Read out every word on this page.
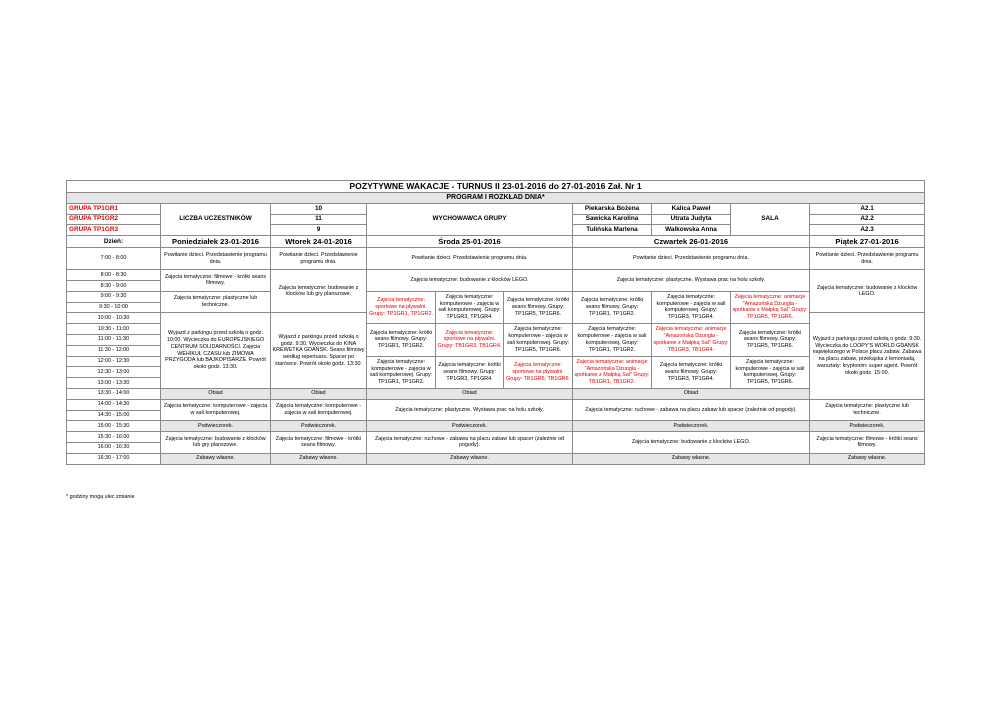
POZYTYWNE WAKACJE - TURNUS II 23-01-2016 do 27-01-2016 Zał. Nr 1									
PROGRAM I ROZKŁAD DNIA*									
GRUPA TP1GR1	LICZBA UCZESTNIKÓW	10	WYCHOWAWCA GRUPY			Piekarska Bożena	Kalica Paweł	SALA	A2.1
GRUPA TP1GR2		11				Sawicka Karolina	Utrata Judyta		A2.2
GRUPA TP1GR3		9				Tulińska Marlena	Walkowska Anna		A2.3
Dzień:	Poniedziałek 23-01-2016	Wtorek 24-01-2016	Środa 25-01-2016			Czwartek 26-01-2016			Piątek 27-01-2016
7:00 - 8:00	Powitanie dzieci. Przedstawienie programu dnia.	Powitanie dzieci. Przedstawienie programu dnia.	Powitanie dzieci. Przedstawienie programu dnia.			Powitanie dzieci. Przedstawienie programu dnia.			Powitanie dzieci. Przedstawienie programu dnia.
8:00 - 8:30	Zajęcia tematyczne: filmowe - krótki seans filmowy.	Zajęcia tematyczne: budowanie z klocków lub gry planszowe.	Zajęcia tematyczne: budowanie z klocków LEGO.			Zajęcia tematyczne: plastyczne. Wystawa prac na holu szkoły.			Zajęcia tematyczne: budowanie z klocków LEGO.
8:30 - 9:00									
9:00 - 9:30	Zajęcia tematyczne: plastyczne lub techniczne.		Zajęcia tematyczne: sportowe na pływalni. Grupy: TP1GR1, TP1GR2.	Zajęcia tematyczne: komputerowe - zajęcia w sali komputerowej. Grupy: TP1GR3, TP1GR4.	Zajęcia tematyczne: krótki seans filmowy. Grupy: TP1GR5, TP1GR6.	Zajęcia tematyczne: krótki seans filmowy. Grupy: TP1GR1, TP1GR2.	Zajęcia tematyczne: komputerowe - zajęcia w sali komputerowej. Grupy: TP1GR3, TP1GR4.	Zajęcia tematyczne: animacje "Amazońska Dżungla - spotkanie z Małpką Sal" Grupy: TP1GR5, TP1GR6.	
9:30 - 10:00									
10:00 - 10:30	Wyjazd z parkingu przed szkołą o godz. 10:00. Wycieczka do EUROPEJSKIEGO CENTRUM SOLIDARNOŚCI. Zajęcia WEHIKUŁ CZASU lub ZIMOWA PRZYGODA lub BAJKOPISARZE. Powrót około godz. 13:30.	Wyjazd z parkingu przed szkołą o godz. 9:30. Wycieczka do KINA KREWETKA GDAŃSK. Seans filmowy według repertuaru. Spacer po starówce. Powrót około godz. 13:30.							Wyjazd z parkingu przed szkołą o godz. 9:30. Wycieczka do LOOPY'S WORLD GDANSK największego w Polsce placu zabaw. Zabawa na placu zabaw, przekąska z lemoniadą, warsztaty: kryptonim: super agent. Powrót około godz. 15:00.
10:30 - 11:00			Zajęcia tematyczne: krótki seans filmowy. Grupy: TP1GR1, TP1GR2.	Zajęcia tematyczne: sportowe na pływalni. Grupy: TB1GR3, TB1GR4.	Zajęcia tematyczne: komputerowe - zajęcia w sali komputerowej. Grupy: TP1GR5, TP1GR6.	Zajęcia tematyczne: komputerowe - zajęcia w sali komputerowej. Grupy: TP1GR1, TP1GR2.	Zajęcia tematyczne: animacje "Amazońska Dżungla - spotkanie z Małpką Sal" Grupy: TB1GR3, TB1GR4.	Zajęcia tematyczne: krótki seans filmowy. Grupy: TP1GR5, TP1GR6.	
11:00 - 11:30									
11:30 - 12:00									
12:00 - 12:30			Zajęcia tematyczne: komputerowe - zajęcia w sali komputerowej. Grupy: TP1GR1, TP1GR2.	Zajęcia tematyczne: krótki seans filmowy. Grupy: TP1GR3, TP1GR4.	Zajęcia tematyczne: sportowe na pływalni. Grupy: TB1GR5, TB1GR6.	Zajęcia tematyczne: animacje "Amazońska Dżungla - spotkanie z Małpką Sal" Grupy: TB1GR1, TB1GR2.	Zajęcia tematyczne: krótki seans filmowy. Grupy: TP1GR3, TP1GR4.	Zajęcia tematyczne: komputerowe - zajęcia w sali komputerowej. Grupy: TP1GR5, TP1GR6.	
12:30 - 13:00									
13:00 - 13:30									
13:30 - 14:00	Obiad	Obiad	Obiad			Obiad			
14:00 - 14:30	Zajęcia tematyczne: komputerowe - zajęcia w sali komputerowej.	Zajęcia tematyczne: komputerowe - zajęcia w sali komputerowej.	Zajęcia tematyczne: plastyczne. Wystawa prac na holu szkoły.			Zajęcia tematyczne: ruchowe - zabawa na placu zabaw lub spacer (zależnie od pogody).			Zajęcia tematyczne: plastyczne lub techniczne.
14:30 - 15:00									
15:00 - 15:30	Podwieczorek.	Podwieczorek.	Podwieczorek.			Podwieczorek.			Podwieczorek.
15:30 - 16:00	Zajęcia tematyczne: budowanie z klocków lub gry planszowe.	Zajęcia tematyczne: filmowe - krótki seans filmowy.	Zajęcia tematyczne: ruchowe - zabawa na placu zabaw lub spacer (zależnie od pogody).			Zajęcia tematyczne: budowanie z klocków LEGO.			Zajęcia tematyczne: filmowe - krótki seans filmowy.
16:00 - 16:30									
16:30 - 17:00	Zabawy własne.	Zabawy własne.	Zabawy własne.			Zabawy własne.			Zabawy własne.
* godziny mogą ulec zmianie
